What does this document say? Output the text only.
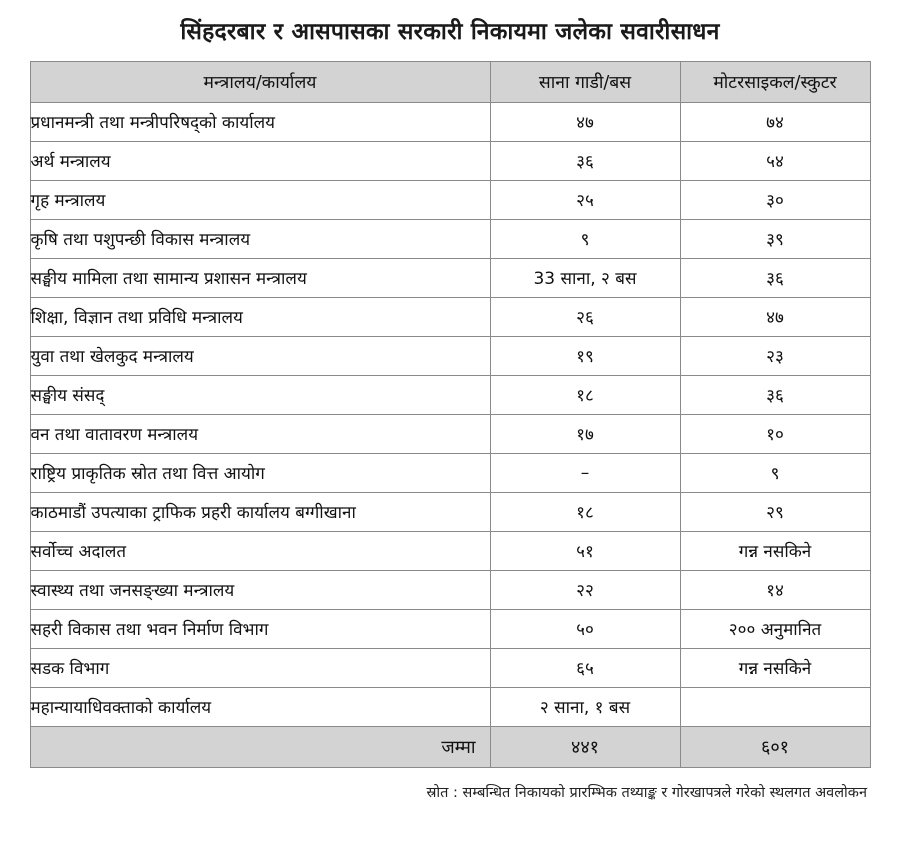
सिंहदरबार र आसपासका सरकारी निकायमा जलेका सवारीसाधन
मन्त्रालय/कार्यालय	साना गाडी/बस	मोटरसाइकल/स्कुटर
प्रधानमन्त्री तथा मन्त्रीपरिषद्‌को कार्यालय	४७	७४
अर्थ मन्त्रालय	३६	५४
गृह मन्त्रालय	२५	३०
कृषि तथा पशुपन्छी विकास मन्त्रालय	९	३९
सङ्घीय मामिला तथा सामान्य प्रशासन मन्त्रालय	33 साना, २ बस	३६
शिक्षा, विज्ञान तथा प्रविधि मन्त्रालय	२६	४७
युवा तथा खेलकुद मन्त्रालय	१९	२३
सङ्घीय संसद्	१८	३६
वन तथा वातावरण मन्त्रालय	१७	१०
राष्ट्रिय प्राकृतिक स्रोत तथा वित्त आयोग	–	९
काठमाडौं उपत्याका ट्राफिक प्रहरी कार्यालय बग्गीखाना	१८	२९
सर्वोच्च अदालत	५१	गन्न नसकिने
स्वास्थ्य तथा जनसङ्ख्या मन्त्रालय	२२	१४
सहरी विकास तथा भवन निर्माण विभाग	५०	२०० अनुमानित
सडक विभाग	६५	गन्न नसकिने
महान्यायाधिवक्ताको कार्यालय	२ साना, १ बस	
जम्मा	४४१	६०१
स्रोत : सम्बन्धित निकायको प्रारम्भिक तथ्याङ्क र गोरखापत्रले गरेको स्थलगत अवलोकन
